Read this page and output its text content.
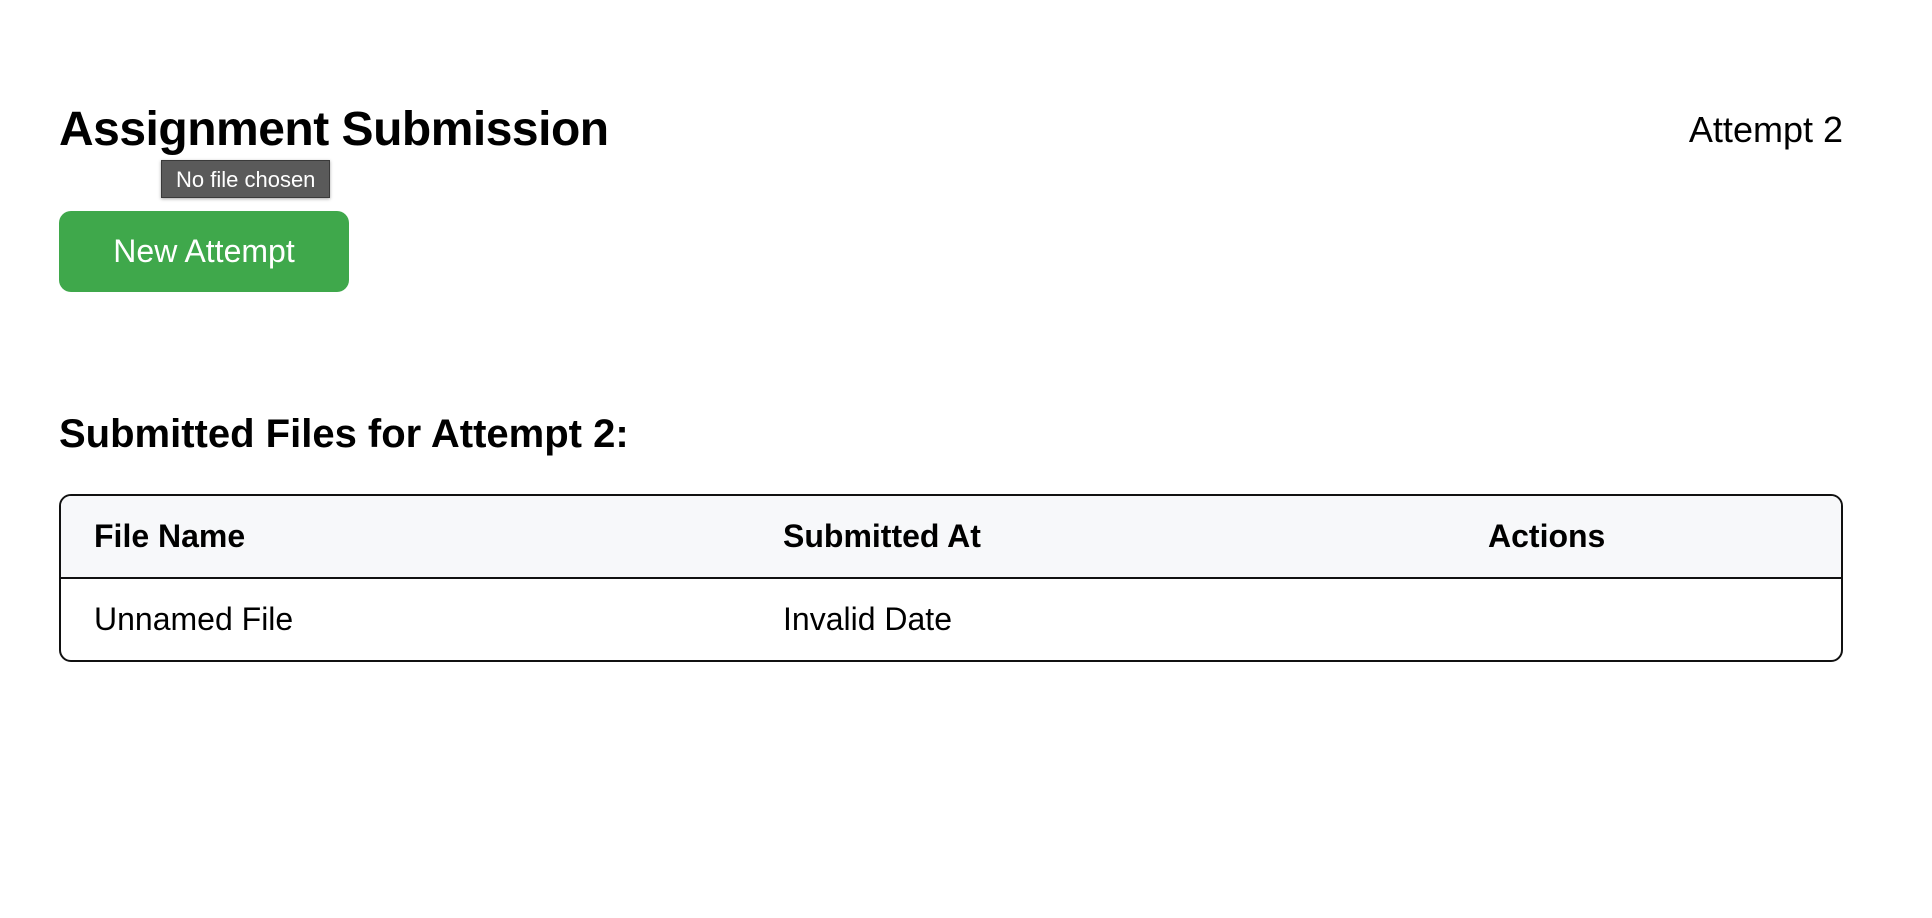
Assignment Submission	Attempt 2
No file chosen
New Attempt
Submitted Files for Attempt 2:
File Name	Submitted At	Actions
Unnamed File	Invalid Date	
